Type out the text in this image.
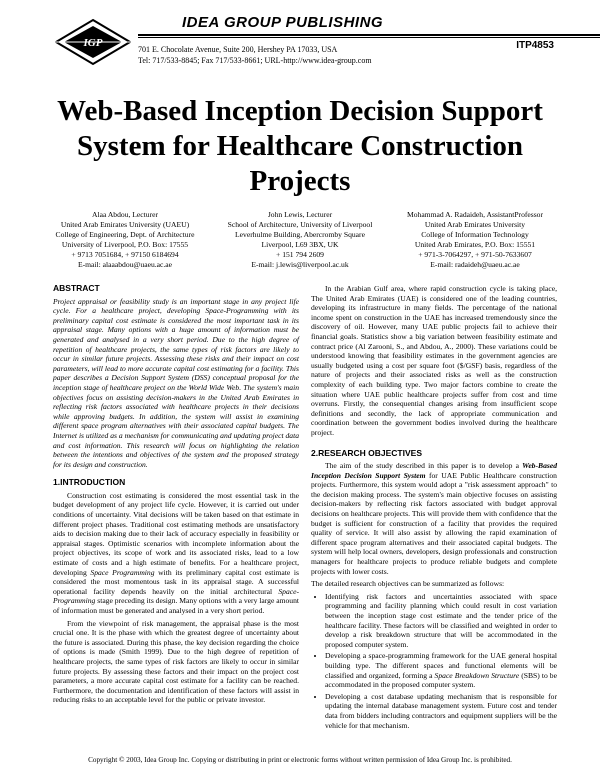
IGP
IDEA GROUP PUBLISHING
701 E. Chocolate Avenue, Suite 200, Hershey PA 17033, USA
Tel: 717/533-8845; Fax 717/533-8661; URL-http://www.idea-group.com
ITP4853
Web-Based Inception Decision Support System for Healthcare Construction Projects
Alaa Abdou, Lecturer
United Arab Emirates University (UAEU)
College of Engineering, Dept. of Architecture
University of Liverpool, P.O. Box: 17555
+ 9713 7051684, + 97150 6184694
E-mail: alaaabdou@uaeu.ac.ae
John Lewis, Lecturer
School of Architecture, University of Liverpool
Leverhulme Building, Abercromby Square
Liverpool, L69 3BX, UK
+ 151 794 2609
E-mail: j.lewis@liverpool.ac.uk
Mohammad A. Radaideh, AssistantProfessor
United Arab Emirates University
College of Information Technology
United Arab Emirates, P.O. Box: 15551
+ 971-3-7064297, + 971-50-7633607
E-mail: radaideh@uaeu.ac.ae
ABSTRACT

Project appraisal or feasibility study is an important stage in any project life cycle. For a healthcare project, developing Space-Programming with its preliminary capital cost estimate is considered the most important task in its appraisal stage. Many options with a huge amount of information must be generated and analysed in a very short period. Due to the high degree of repetition of healthcare projects, the same types of risk factors are likely to occur in similar future projects. Assessing these risks and their impact on cost parameters, will lead to more accurate capital cost estimating for a facility. This paper describes a Decision Support System (DSS) conceptual proposal for the inception stage of healthcare project on the World Wide Web. The system's main objectives focus on assisting decision-makers in the United Arab Emirates in reflecting risk factors associated with healthcare projects in their decisions while approving budgets. In addition, the system will assist in examining different space program alternatives with their associated capital budgets. The Internet is utilized as a mechanism for communicating and updating project data and cost information. This research will focus on highlighting the relation between the intentions and objectives of the system and the proposed strategy for its design and construction.

1.INTRODUCTION

Construction cost estimating is considered the most essential task in the budget development of any project life cycle. However, it is carried out under conditions of uncertainty. Vital decisions will be taken based on that estimate in different project phases. Traditional cost estimating methods are unsatisfactory aids to decision making due to their lack of accuracy especially in feasibility or appraisal stages. Optimistic scenarios with incomplete information about the project objectives, its scope of work and its associated risks, lead to a low estimate of costs and a high estimate of benefits. For a healthcare project, developing Space Programming with its preliminary capital cost estimate is considered the most momentous task in its appraisal stage. A successful operational facility depends heavily on the initial architectural Space-Programming stage preceding its design. Many options with a very large amount of information must be generated and analysed in a very short period.

From the viewpoint of risk management, the appraisal phase is the most crucial one. It is the phase with which the greatest degree of uncertainty about the future is associated. During this phase, the key decision regarding the choice of options is made (Smith 1999). Due to the high degree of repetition of healthcare projects, the same types of risk factors are likely to occur in similar future projects. By assessing these factors and their impact on the project cost parameters, a more accurate capital cost estimate for a facility can be reached. Furthermore, the documentation and identification of these factors will assist in reducing risks to an acceptable level for the public or private investor.

In the Arabian Gulf area, where rapid construction cycle is taking place, The United Arab Emirates (UAE) is considered one of the leading countries, developing its infrastructure in many fields. The percentage of the national income spent on construction in the UAE has increased tremendously since the discovery of oil. However, many UAE public projects fail to achieve their financial goals. Statistics show a big variation between feasibility estimate and contract price (Al Zarooni, S., and Abdou, A., 2000). These variations could be understood knowing that feasibility estimates in the government agencies are usually budgeted using a cost per square foot ($/GSF) basis, regardless of the nature of projects and their associated risks as well as the construction complexity of each building type. Two major factors combine to create the situation where UAE public healthcare projects suffer from cost and time overruns. Firstly, the consequential changes arising from insufficient scope definitions and secondly, the lack of appropriate communication and coordination between the government bodies involved during the healthcare project.

2.RESEARCH OBJECTIVES

The aim of the study described in this paper is to develop a Web-Based Inception Decision Support System for UAE Public Healthcare construction projects. Furthermore, this system would adopt a "risk assessment approach" to the decision making process. The system's main objective focuses on assisting decision-makers by reflecting risk factors associated with budget approval decisions on healthcare projects. This will provide them with confidence that the budget is sufficient for construction of a facility that provides the required quality of service. It will also assist by allowing the rapid examination of different space program alternatives and their associated capital budgets. The system will help local owners, developers, design professionals and construction managers for healthcare projects to produce reliable budgets and complete projects with lower costs.

The detailed research objectives can be summarized as follows:

• Identifying risk factors and uncertainties associated with space programming and facility planning which could result in cost variation between the inception stage cost estimate and the tender price of the healthcare facility. These factors will be classified and weighted in order to develop a risk breakdown structure that will be accommodated in the proposed computer system.
• Developing a space-programming framework for the UAE general hospital building type. The different spaces and functional elements will be classified and organized, forming a Space Breakdown Structure (SBS) to be accommodated in the proposed computer system.
• Developing a cost database updating mechanism that is responsible for updating the internal database management system. Future cost and tender data from bidders including contractors and equipment suppliers will be the vehicle for that mechanism.
Copyright © 2003, Idea Group Inc. Copying or distributing in print or electronic forms without written permission of Idea Group Inc. is prohibited.
